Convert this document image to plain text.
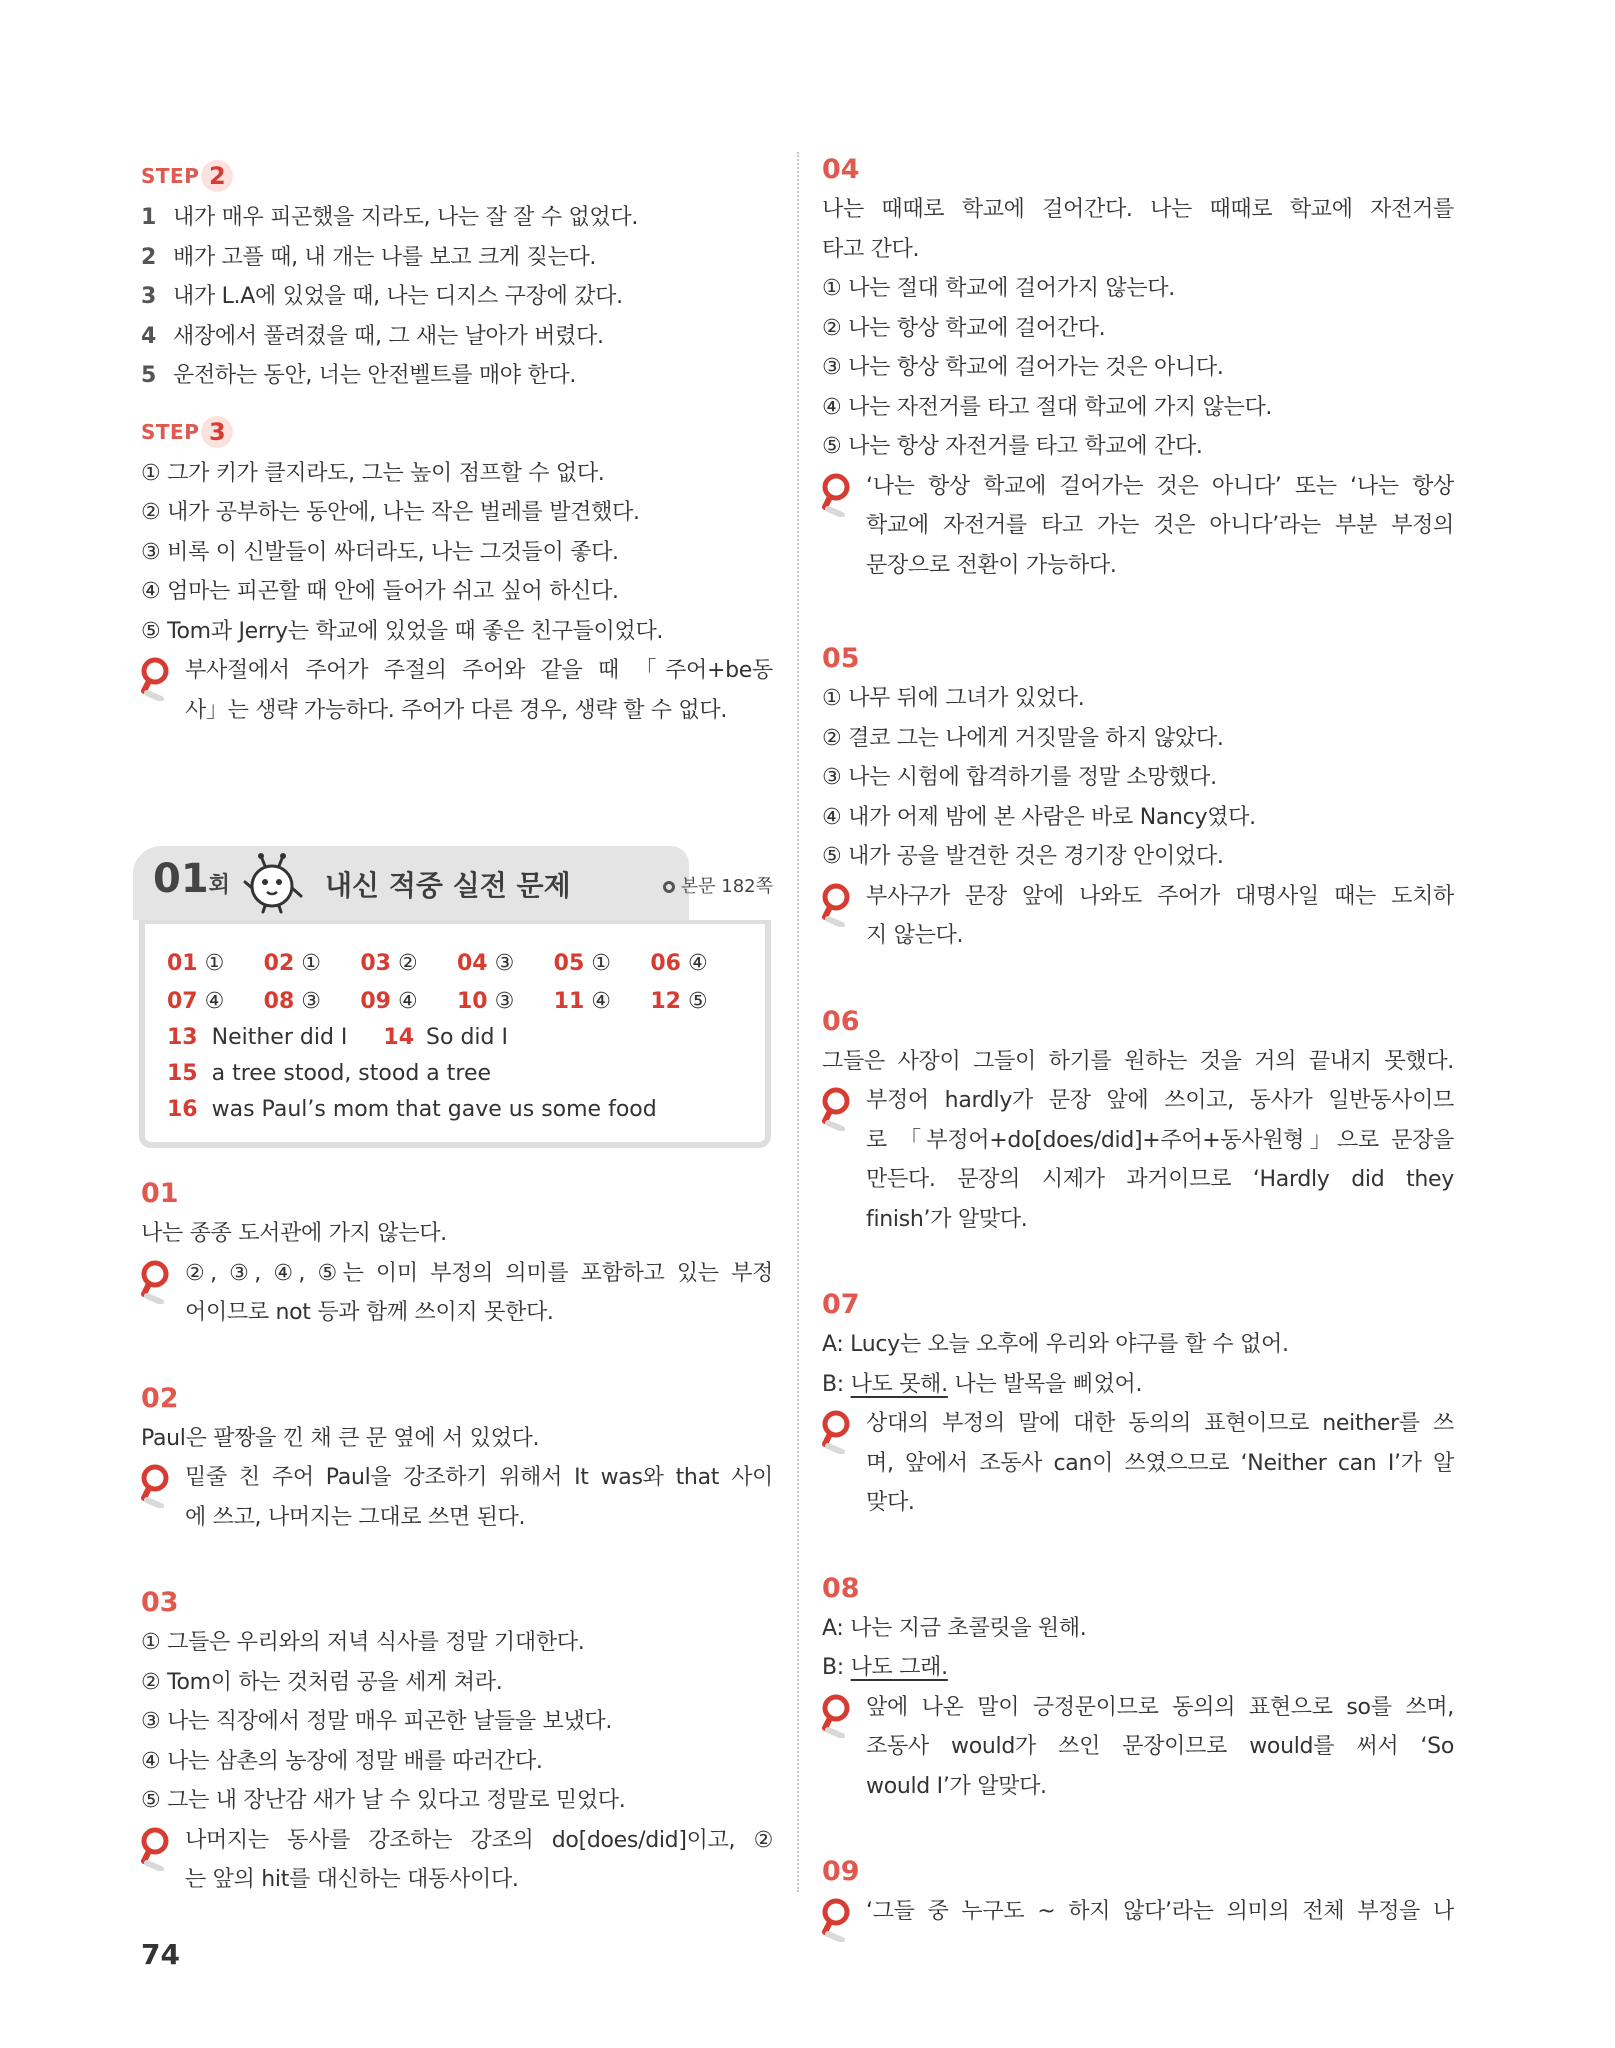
STEP 2
1 내가 매우 피곤했을 지라도, 나는 잘 잘 수 없었다.
2 배가 고플 때, 내 개는 나를 보고 크게 짖는다.
3 내가 L.A에 있었을 때, 나는 디지스 구장에 갔다.
4 새장에서 풀려졌을 때, 그 새는 날아가 버렸다.
5 운전하는 동안, 너는 안전벨트를 매야 한다.
STEP 3
① 그가 키가 클지라도, 그는 높이 점프할 수 없다.
② 내가 공부하는 동안에, 나는 작은 벌레를 발견했다.
③ 비록 이 신발들이 싸더라도, 나는 그것들이 좋다.
④ 엄마는 피곤할 때 안에 들어가 쉬고 싶어 하신다.
⑤ Tom과 Jerry는 학교에 있었을 때 좋은 친구들이었다.
부사절에서 주어가 주절의 주어와 같을 때 「주어+be동
사」는 생략 가능하다. 주어가 다른 경우, 생략 할 수 없다.
01회	내신 적중 실전 문제	본문 182쪽
01 ①	02 ①	03 ②	04 ③	05 ①	06 ④
07 ④	08 ③	09 ④	10 ③	11 ④	12 ⑤
13 Neither did I 14 So did I
15 a tree stood, stood a tree
16 was Paul’s mom that gave us some food
01
나는 종종 도서관에 가지 않는다.
②, ③, ④, ⑤는 이미 부정의 의미를 포함하고 있는 부정
어이므로 not 등과 함께 쓰이지 못한다.
02
Paul은 팔짱을 낀 채 큰 문 옆에 서 있었다.
밑줄 친 주어 Paul을 강조하기 위해서 It was와 that 사이
에 쓰고, 나머지는 그대로 쓰면 된다.
03
① 그들은 우리와의 저녁 식사를 정말 기대한다.
② Tom이 하는 것처럼 공을 세게 쳐라.
③ 나는 직장에서 정말 매우 피곤한 날들을 보냈다.
④ 나는 삼촌의 농장에 정말 배를 따러간다.
⑤ 그는 내 장난감 새가 날 수 있다고 정말로 믿었다.
나머지는 동사를 강조하는 강조의 do[does/did]이고, ②
는 앞의 hit를 대신하는 대동사이다.
04
나는 때때로 학교에 걸어간다. 나는 때때로 학교에 자전거를
타고 간다.
① 나는 절대 학교에 걸어가지 않는다.
② 나는 항상 학교에 걸어간다.
③ 나는 항상 학교에 걸어가는 것은 아니다.
④ 나는 자전거를 타고 절대 학교에 가지 않는다.
⑤ 나는 항상 자전거를 타고 학교에 간다.
‘나는 항상 학교에 걸어가는 것은 아니다’ 또는 ‘나는 항상
학교에 자전거를 타고 가는 것은 아니다’라는 부분 부정의
문장으로 전환이 가능하다.
05
① 나무 뒤에 그녀가 있었다.
② 결코 그는 나에게 거짓말을 하지 않았다.
③ 나는 시험에 합격하기를 정말 소망했다.
④ 내가 어제 밤에 본 사람은 바로 Nancy였다.
⑤ 내가 공을 발견한 것은 경기장 안이었다.
부사구가 문장 앞에 나와도 주어가 대명사일 때는 도치하
지 않는다.
06
그들은 사장이 그들이 하기를 원하는 것을 거의 끝내지 못했다.
부정어 hardly가 문장 앞에 쓰이고, 동사가 일반동사이므
로 「부정어+do[does/did]+주어+동사원형」으로 문장을
만든다. 문장의 시제가 과거이므로 ‘Hardly did they
finish’가 알맞다.
07
A: Lucy는 오늘 오후에 우리와 야구를 할 수 없어.
B: 나도 못해. 나는 발목을 삐었어.
상대의 부정의 말에 대한 동의의 표현이므로 neither를 쓰
며, 앞에서 조동사 can이 쓰였으므로 ‘Neither can I’가 알
맞다.
08
A: 나는 지금 초콜릿을 원해.
B: 나도 그래.
앞에 나온 말이 긍정문이므로 동의의 표현으로 so를 쓰며,
조동사 would가 쓰인 문장이므로 would를 써서 ‘So
would I’가 알맞다.
09
‘그들 중 누구도 ~ 하지 않다’라는 의미의 전체 부정을 나
74
